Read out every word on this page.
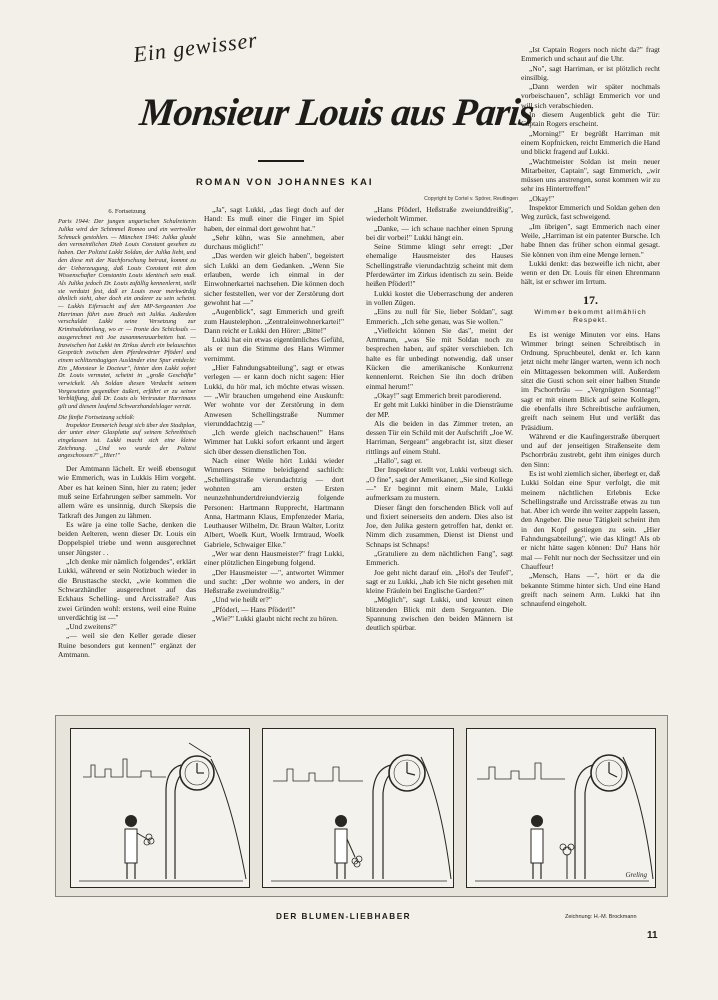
Ein gewisser
Monsieur Louis aus Paris
ROMAN VON JOHANNES KAI
Copyright by Cortel v. Spörer, Reutlingen

6. Fortsetzung

Paris 1944: Der jungen ungarischen Schulreiterin Julika wird der Schimmel Romeo und ein wertvoller Schmuck gestohlen. — München 1946: Julika glaubt den vermeintlichen Dieb Louis Constant gesehen zu haben. Der Polizist Lukki Soldan, der Julika liebt, und den diese mit der Nachforschung betraut, kommt zu der Ueberzeugung, daß Louis Constant mit dem Wissenschafter Constantin Louis identisch sein muß. Als Julika jedoch Dr. Louis zufällig kennenlernt, stellt sie verdutzt fest, daß er Louis zwar merkwürdig ähnlich sieht, aber doch ein anderer zu sein scheint. — Lukkis Eifersucht auf den MP-Sergeanten Joe Harriman führt zum Bruch mit Julika. Außerdem verschuldet Lukki seine Versetzung zur Kriminalabteilung, wo er — Ironie des Schicksals — ausgerechnet mit Joe zusammenzuarbeiten hat. — Inzwischen hat Lukki im Zirkus durch ein belauschtes Gespräch zwischen dem Pferdewärter Pföderl und einem schlitzenäugigen Ausländer eine Spur entdeckt: Ein „Monsieur le Docteur", hinter dem Lukki sofort Dr. Louis vermutet, scheint in „große Geschäfte" verwickelt. Als Soldan diesen Verdacht seinem Vorgesetzten gegenüber äußert, erfährt er zu seiner Verblüffung, daß Dr. Louis als Vertrauter Harrimans gilt und diesem laufend Schwarzhandelslager verrät.

Die fünfte Fortsetzung schloß:

Inspektor Emmerich beugt sich über den Stadtplan, der unter einer Glasplatte auf seinem Schreibtisch eingelassen ist. Lukki macht sich eine kleine Zeichnung. „Und wo wurde der Polizist angeschossen?" „Hier!"

Der Amtmann lächelt. Er weiß ebensogut wie Emmerich, was in Lukkis Hirn vorgeht. Aber es hat keinen Sinn, hier zu raten; jeder muß seine Erfahrungen selber sammeln. Vor allem wäre es unsinnig, durch Skepsis die Tatkraft des Jungen zu lähmen.

Es wäre ja eine tolle Sache, denken die beiden Aelteren, wenn dieser Dr. Louis ein Doppelspiel triebe und wenn ausgerechnet unser Jüngster . .

„Ich denke mir nämlich folgendes", erklärt Lukki, während er sein Notizbuch wieder in die Brusttasche steckt, „wie kommen die Schwarzhändler ausgerechnet auf das Eckhaus Schelling- und Arcisstraße? Aus zwei Gründen wohl: erstens, weil eine Ruine unverdächtig ist —"

„Und zweitens?"

„— weil sie den Keller gerade dieser Ruine besonders gut kennen!" ergänzt der Amtmann.

„Ja", sagt Lukki, „das liegt doch auf der Hand: Es muß einer die Finger im Spiel haben, der einmal dort gewohnt hat."

„Sehr kühn, was Sie annehmen, aber durchaus möglich!"

„Das werden wir gleich haben", begeistert sich Lukki an dem Gedanken. „Wenn Sie erlauben, werde ich einmal in der Einwohnerkartei nachsehen. Die können doch sicher feststellen, wer vor der Zerstörung dort gewohnt hat —"

„Augenblick", sagt Emmerich und greift zum Haustelephon. „Zentraleinwohnerkartei!" Dann reicht er Lukki den Hörer: „Bitte!"

Lukki hat ein etwas eigentümliches Gefühl, als er nun die Stimme des Hans Wimmer vernimmt.

„Hier Fahndungsabteilung", sagt er etwas verlegen — er kann doch nicht sagen: Hier Lukki, du hör mal, ich möchte etwas wissen. — „Wir brauchen umgehend eine Auskunft: Wer wohnte vor der Zerstörung in dem Anwesen Schellingstraße Nummer vierunddachtzig —"

„Ich werde gleich nachschauen!" Hans Wimmer hat Lukki sofort erkannt und ärgert sich über dessen dienstlichen Ton.

Nach einer Weile hört Lukki wieder Wimmers Stimme beleidigend sachlich: „Schellingstraße vierundachtzig — dort wohnten am ersten Ersten neunzehnhundertdreiundvierzig folgende Personen: Hartmann Rupprecht, Hartmann Anna, Hartmann Klaus, Empfenzeder Maria, Leuthauser Wilhelm, Dr. Braun Walter, Loritz Albert, Woelk Kurt, Woelk Irmtraud, Woelk Gabriele, Schwaiger Elke."

„Wer war denn Hausmeister?" fragt Lukki, einer plötzlichen Eingebung folgend.

„Der Hausmeister —", antwortet Wimmer und sucht: „Der wohnte wo anders, in der Heßstraße zweiundreißig."

„Und wie heißt er?"

„Pföderl, — Hans Pföderl!"

„Wie?" Lukki glaubt nicht recht zu hören.

„Hans Pföderl, Heßstraße zweiunddreißig", wiederholt Wimmer.

„Danke, — ich schaue nachher einen Sprung bei dir vorbei!" Lukki hängt ein.

Seine Stimme klingt sehr erregt: „Der ehemalige Hausmeister des Hauses Schellingstraße vierundachtzig scheint mit dem Pferdewärter im Zirkus identisch zu sein. Beide heißen Pföderl!"

Lukki kostet die Ueberraschung der anderen in vollen Zügen.

„Eins zu null für Sie, lieber Soldan", sagt Emmerich. „Ich sehe genau, was Sie wollen."

„Vielleicht können Sie das", meint der Amtmann, „was Sie mit Soldan noch zu besprechen haben, auf später verschieben. Ich halte es für unbedingt notwendig, daß unser Kücken die amerikanische Konkurrenz kennenlernt. Reichen Sie ihn doch drüben einmal herum!"

„Okay!" sagt Emmerich breit parodierend.

Er geht mit Lukki hinüber in die Diensträume der MP.

Als die beiden in das Zimmer treten, an dessen Tür ein Schild mit der Aufschrift „Joe W. Harriman, Sergeant" angebracht ist, sitzt dieser rittlings auf einem Stuhl.

„Hallo", sagt er.

Der Inspektor stellt vor, Lukki verbeugt sich. „O fine", sagt der Amerikaner, „Sie sind Kollege —" Er beginnt mit einem Male, Lukki aufmerksam zu mustern.

Dieser fängt den forschenden Blick voll auf und fixiert seinerseits den andern. Dies also ist Joe, den Julika gestern getroffen hat, denkt er. Nimm dich zusammen, Dienst ist Dienst und Schnaps ist Schnaps!

„Gratuliere zu dem nächtlichen Fang", sagt Emmerich.

Joe geht nicht darauf ein. „Hol's der Teufel", sagt er zu Lukki, „hab ich Sie nicht gesehen mit kleine Fräulein bei Englische Garden?"

„Möglich", sagt Lukki, und kreuzt einen blitzenden Blick mit dem Sergeanten. Die Spannung zwischen den beiden Männern ist deutlich spürbar.

„Ist Captain Rogers noch nicht da?" fragt Emmerich und schaut auf die Uhr.

„No", sagt Harriman, er ist plötzlich recht einsilbig.

„Dann werden wir später nochmals vorbeischauen", schlägt Emmerich vor und will sich verabschieden.

In diesem Augenblick geht die Tür: Captain Rogers erscheint.

„Morning!" Er begrüßt Harriman mit einem Kopfnicken, reicht Emmerich die Hand und blickt fragend auf Lukki.

„Wachtmeister Soldan ist mein neuer Mitarbeiter, Captain", sagt Emmerich, „wir müssen uns anstrengen, sonst kommen wir zu sehr ins Hintertreffen!"

„Okay!"

Inspektor Emmerich und Soldan gehen den Weg zurück, fast schweigend.

„Im übrigen", sagt Emmerich nach einer Weile, „Harriman ist ein patenter Bursche. Ich habe Ihnen das früher schon einmal gesagt. Sie können von ihm eine Menge lernen."

Lukki denkt: das bezweifle ich nicht, aber wenn er den Dr. Louis für einen Ehrenmann hält, ist er schwer im Irrtum.

17.

Wimmer bekommt allmählich Respekt.

Es ist wenige Minuten vor eins. Hans Wimmer bringt seinen Schreibtisch in Ordnung. Spruchbeutel, denkt er. Ich kann jetzt nicht mehr länger warten, wenn ich noch ein Mittagessen bekommen will. Außerdem sitzt die Gusti schon seit einer halben Stunde im Pschorrbräu — „Vergnügten Sonntag!" sagt er mit einem Blick auf seine Kollegen, die ebenfalls ihre Schreibtische aufräumen, greift nach seinem Hut und verläßt das Präsidium.

Während er die Kaufingerstraße überquert und auf der jenseitigen Straßenseite dem Pschorrbräu zustrebt, geht ihm einiges durch den Sinn:

Es ist wohl ziemlich sicher, überlegt er, daß Lukki Soldan eine Spur verfolgt, die mit meinem nächtlichen Erlebnis Ecke Schellingstraße und Arcisstraße etwas zu tun hat. Aber ich werde ihn weiter zappeln lassen, den Angeber. Die neue Tätigkeit scheint ihm in den Kopf gestiegen zu sein. „Hier Fahndungsabteilung", wie das klingt! Als ob er nicht hätte sagen können: Du? Hans hör mal — Fehlt nur noch der Sechssitzer und ein Chauffeur!

„Mensch, Hans —", hört er da die bekannte Stimme hinter sich. Und eine Hand greift nach seinem Arm. Lukki hat ihn schnaufend eingeholt.

Greling
DER BLUMEN-LIEBHABER	Zeichnung: H.-M. Brockmann
11
